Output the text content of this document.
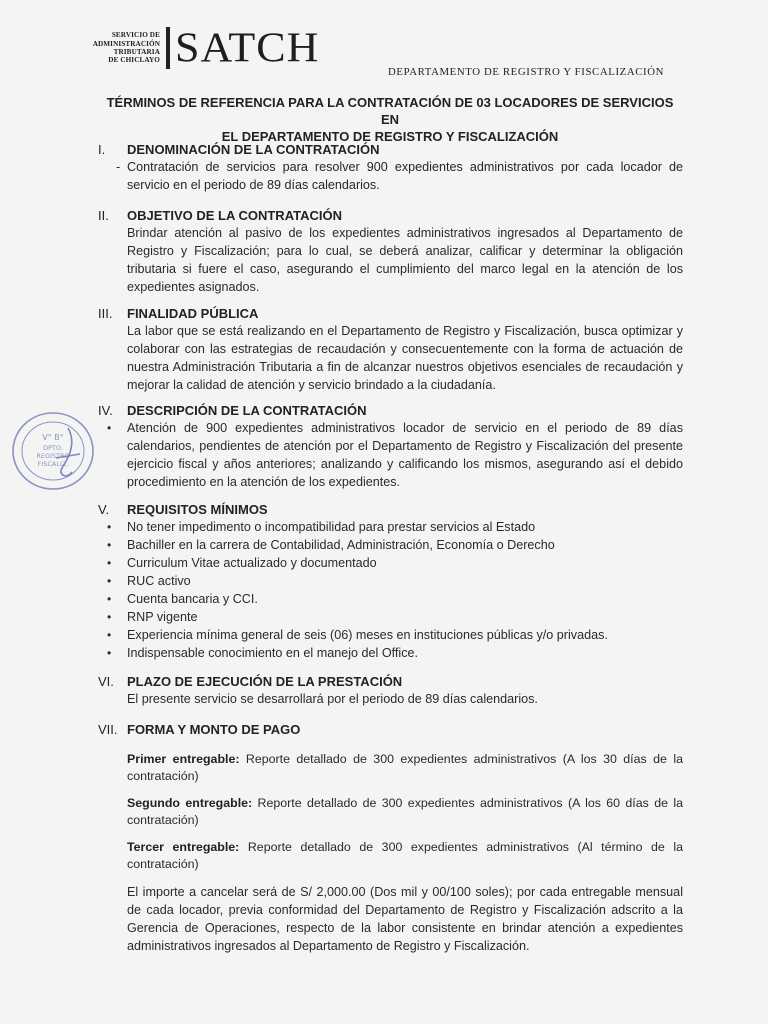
SERVICIO DE
ADMINISTRACIÓN
TRIBUTARIA
DE CHICLAYO SATCH
DEPARTAMENTO DE REGISTRO Y FISCALIZACIÓN
TÉRMINOS DE REFERENCIA PARA LA CONTRATACIÓN DE 03 LOCADORES DE SERVICIOS EN
EL DEPARTAMENTO DE REGISTRO Y FISCALIZACIÓN
I.	DENOMINACIÓN DE LA CONTRATACIÓN
- Contratación de servicios para resolver 900 expedientes administrativos por cada locador de servicio en el periodo de 89 días calendarios.
II.	OBJETIVO DE LA CONTRATACIÓN
Brindar atención al pasivo de los expedientes administrativos ingresados al Departamento de Registro y Fiscalización; para lo cual, se deberá analizar, calificar y determinar la obligación tributaria si fuere el caso, asegurando el cumplimiento del marco legal en la atención de los expedientes asignados.
III.	FINALIDAD PÚBLICA
La labor que se está realizando en el Departamento de Registro y Fiscalización, busca optimizar y colaborar con las estrategias de recaudación y consecuentemente con la forma de actuación de nuestra Administración Tributaria a fin de alcanzar nuestros objetivos esenciales de recaudación y mejorar la calidad de atención y servicio brindado a la ciudadanía.
IV.	DESCRIPCIÓN DE LA CONTRATACIÓN
• Atención de 900 expedientes administrativos locador de servicio en el periodo de 89 días calendarios, pendientes de atención por el Departamento de Registro y Fiscalización del presente ejercicio fiscal y años anteriores; analizando y calificando los mismos, asegurando así el debido procedimiento en la atención de los expedientes.
V.	REQUISITOS MÍNIMOS
• No tener impedimento o incompatibilidad para prestar servicios al Estado
• Bachiller en la carrera de Contabilidad, Administración, Economía o Derecho
• Curriculum Vitae actualizado y documentado
• RUC activo
• Cuenta bancaria y CCI.
• RNP vigente
• Experiencia mínima general de seis (06) meses en instituciones públicas y/o privadas.
• Indispensable conocimiento en el manejo del Office.
VI.	PLAZO DE EJECUCIÓN DE LA PRESTACIÓN
El presente servicio se desarrollará por el periodo de 89 días calendarios.
VII. FORMA Y MONTO DE PAGO
Primer entregable: Reporte detallado de 300 expedientes administrativos (A los 30 días de la contratación)
Segundo entregable: Reporte detallado de 300 expedientes administrativos (A los 60 días de la contratación)
Tercer entregable: Reporte detallado de 300 expedientes administrativos (Al término de la contratación)
El importe a cancelar será de S/ 2,000.00 (Dos mil y 00/100 soles); por cada entregable mensual de cada locador, previa conformidad del Departamento de Registro y Fiscalización adscrito a la Gerencia de Operaciones, respecto de la labor consistente en brindar atención a expedientes administrativos ingresados al Departamento de Registro y Fiscalización.
V° B°
DPTO.
REGISTRO
FISCALIZ.
